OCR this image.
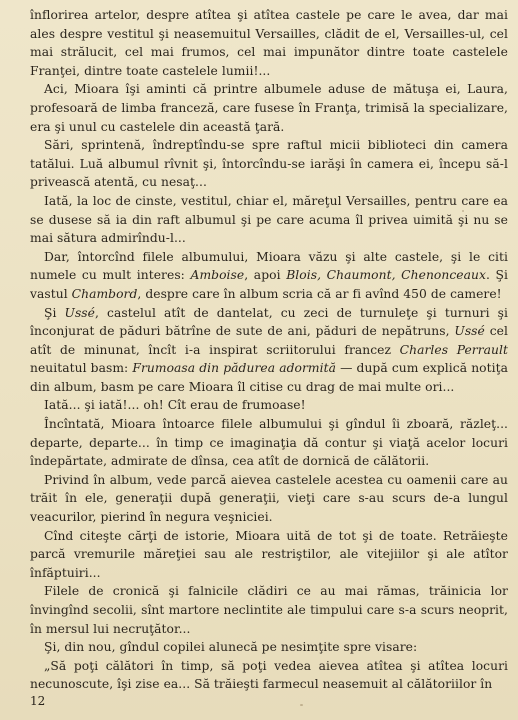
înflorirea artelor, despre atîtea şi atîtea castele pe care le avea, dar mai ales despre vestitul şi neasemuitul Versailles, clădit de el, Versailles-ul, cel mai strălucit, cel mai frumos, cel mai impunător dintre toate castelele Franţei, dintre toate castelele lumii!...

Aci, Mioara îşi aminti că printre albumele aduse de mătuşa ei, Laura, profesoară de limba franceză, care fusese în Franţa, trimisă la specializare, era şi unul cu castelele din această ţară.

Sări, sprintenă, îndreptîndu-se spre raftul micii biblioteci din camera tatălui. Luă albumul rîvnit şi, întorcîndu-se iarăşi în camera ei, începu să-l privească atentă, cu nesaţ...

Iată, la loc de cinste, vestitul, chiar el, măreţul Versailles, pentru care ea se dusese să ia din raft albumul şi pe care acuma îl privea uimită şi nu se mai sătura admirîndu-l...

Dar, întorcînd filele albumului, Mioara văzu şi alte castele, şi le citi numele cu mult interes: Amboise, apoi Blois, Chaumont, Chenonceaux. Şi vastul Chambord, despre care în album scria că ar fi avînd 450 de camere!

Şi Ussé, castelul atît de dantelat, cu zeci de turnuleţe şi turnuri şi înconjurat de păduri bătrîne de sute de ani, păduri de nepătruns, Ussé cel atît de minunat, încît i-a inspirat scriitorului francez Charles Perrault neuitatul basm: Frumoasa din pădurea adormită — după cum explică notiţa din album, basm pe care Mioara îl citise cu drag de mai multe ori...

Iată... şi iată!... oh! Cît erau de frumoase!

Încîntată, Mioara întoarce filele albumului şi gîndul îi zboară, răzleţ... departe, departe... în timp ce imaginaţia dă contur şi viaţă acelor locuri îndepărtate, admirate de dînsa, cea atît de dornică de călătorii.

Privind în album, vede parcă aievea castelele acestea cu oamenii care au trăit în ele, generaţii după generaţii, vieţi care s-au scurs de-a lungul veacurilor, pierind în negura veşniciei.

Cînd citeşte cărţi de istorie, Mioara uită de tot şi de toate. Retrăieşte parcă vremurile măreţiei sau ale restriştilor, ale vitejiilor şi ale atîtor înfăptuiri...

Filele de cronică şi falnicile clădiri ce au mai rămas, trăinicia lor învingînd secolii, sînt martore neclintite ale timpului care s-a scurs neoprit, în mersul lui necruţător...

Şi, din nou, gîndul copilei alunecă pe nesimţite spre visare:

„Să poţi călători în timp, să poţi vedea aievea atîtea şi atîtea locuri necunoscute, îşi zise ea... Să trăieşti farmecul neasemuit al călătoriilor în

12
